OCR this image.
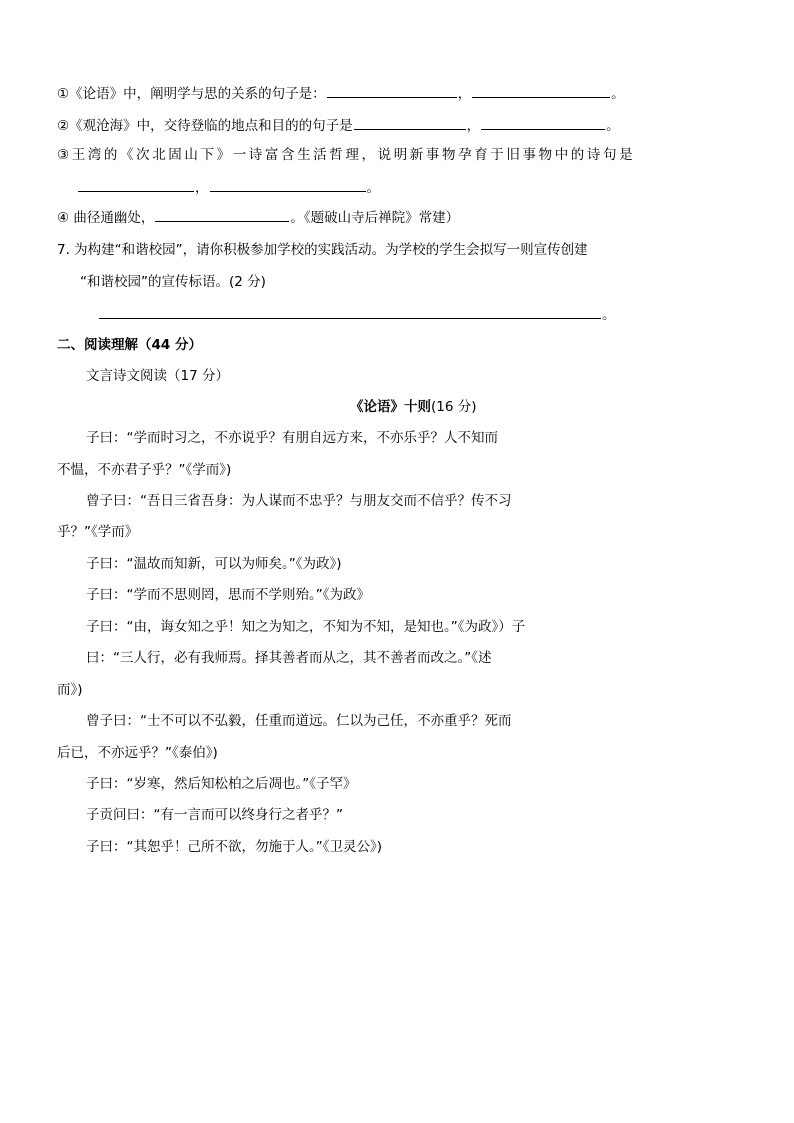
①《论语》中，阐明学与思的关系的句子是：	，	。
②《观沧海》中，交待登临的地点和目的的句子是	，	。
③王湾的《次北固山下》一诗富含生活哲理，说明新事物孕育于旧事物中的诗句是
，	。
④ 曲径通幽处，	。《题破山寺后禅院》常建）
7. 为构建“和谐校园”，请你积极参加学校的实践活动。为学校的学生会拟写一则宣传创建
“和谐校园”的宣传标语。(2 分)
。
二、阅读理解（44 分）
文言诗文阅读（17 分）
《论语》十则(16 分)
子曰：“学而时习之，不亦说乎？有朋自远方来，不亦乐乎？人不知而
不愠，不亦君子乎？”《学而》)
曾子曰：“吾日三省吾身：为人谋而不忠乎？与朋友交而不信乎？传不习
乎？”《学而》
子曰：“温故而知新，可以为师矣。”《为政》)
子曰：“学而不思则罔，思而不学则殆。”《为政》
子曰：“由，诲女知之乎！知之为知之，不知为不知，是知也。”《为政》）子
曰：“三人行，必有我师焉。择其善者而从之，其不善者而改之。”《述
而》)
曾子曰：“士不可以不弘毅，任重而道远。仁以为己任，不亦重乎？死而
后已，不亦远乎？”《泰伯》)
子曰：“岁寒，然后知松柏之后凋也。”《子罕》
子贡问曰：“有一言而可以终身行之者乎？”
子曰：“其恕乎！己所不欲，勿施于人。”《卫灵公》)
